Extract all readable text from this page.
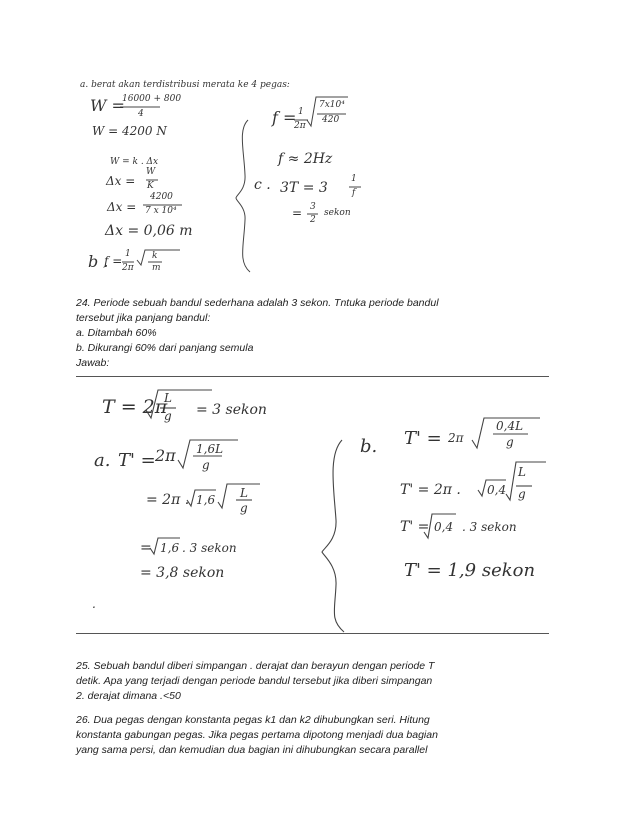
a. berat akan terdistribusi merata ke 4 pegas:
W =
16000 + 800
4
W = 4200 N
W = k . Δx
Δx =
W
K
Δx =
4200
7 x 10⁴
Δx = 0,06 m
b .
f = 1
2π
k
m
f = 1
2π
7x10⁴
420
f ≈ 2Hz
c . 3T = 3
1
f
= 3
2
sekon
24. Periode sebuah bandul sederhana adalah 3 sekon. Tntuka periode bandul
tersebut jika panjang bandul:
a. Ditambah 60%
b. Dikurangi 60% dari panjang semula
Jawab:
T = 2π
L
g = 3 sekon
a. T' = 2π 1,6L
g
= 2π . 1,6 L
g
= 1,6 . 3 sekon
= 3,8 sekon
b. T' = 2π
0,4L
g
T' = 2π . 0,4
L
g
T' = 0,4 . 3 sekon
T' = 1,9 sekon
.
25. Sebuah bandul diberi simpangan . derajat dan berayun dengan periode T
detik. Apa yang terjadi dengan periode bandul tersebut jika diberi simpangan
2. derajat dimana .<50
26. Dua pegas dengan konstanta pegas k1 dan k2 dihubungkan seri. Hitung
konstanta gabungan pegas. Jika pegas pertama dipotong menjadi dua bagian
yang sama persi, dan kemudian dua bagian ini dihubungkan secara parallel
